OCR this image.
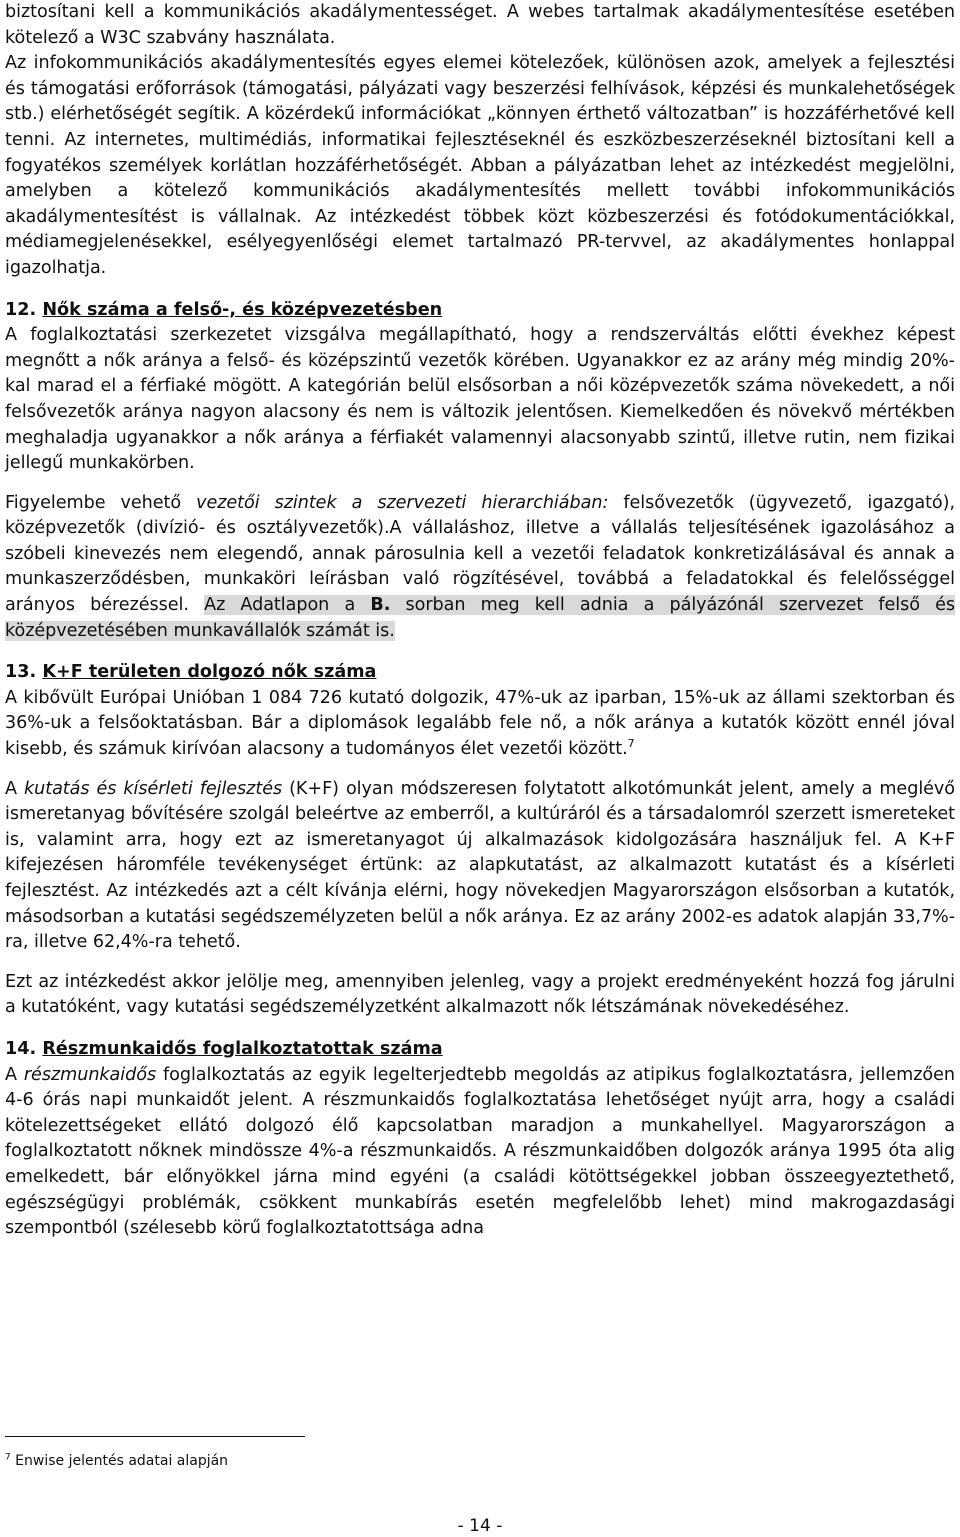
biztosítani kell a kommunikációs akadálymentességet. A webes tartalmak akadálymentesítése esetében kötelező a W3C szabvány használata.

Az infokommunikációs akadálymentesítés egyes elemei kötelezőek, különösen azok, amelyek a fejlesztési és támogatási erőforrások (támogatási, pályázati vagy beszerzési felhívások, képzési és munkalehetőségek stb.) elérhetőségét segítik. A közérdekű információkat „könnyen érthető változatban” is hozzáférhetővé kell tenni. Az internetes, multimédiás, informatikai fejlesztéseknél és eszközbeszerzéseknél biztosítani kell a fogyatékos személyek korlátlan hozzáférhetőségét. Abban a pályázatban lehet az intézkedést megjelölni, amelyben a kötelező kommunikációs akadálymentesítés mellett további infokommunikációs akadálymentesítést is vállalnak. Az intézkedést többek közt közbeszerzési és fotódokumentációkkal, médiamegjelenésekkel, esélyegyenlőségi elemet tartalmazó PR-tervvel, az akadálymentes honlappal igazolhatja.

12. Nők száma a felső-, és középvezetésben

A foglalkoztatási szerkezetet vizsgálva megállapítható, hogy a rendszerváltás előtti évekhez képest megnőtt a nők aránya a felső- és középszintű vezetők körében. Ugyanakkor ez az arány még mindig 20%-kal marad el a férfiaké mögött. A kategórián belül elsősorban a női középvezetők száma növekedett, a női felsővezetők aránya nagyon alacsony és nem is változik jelentősen. Kiemelkedően és növekvő mértékben meghaladja ugyanakkor a nők aránya a férfiakét valamennyi alacsonyabb szintű, illetve rutin, nem fizikai jellegű munkakörben.

Figyelembe vehető vezetői szintek a szervezeti hierarchiában: felsővezetők (ügyvezető, igazgató), középvezetők (divízió- és osztályvezetők).A vállaláshoz, illetve a vállalás teljesítésének igazolásához a szóbeli kinevezés nem elegendő, annak párosulnia kell a vezetői feladatok konkretizálásával és annak a munkaszerződésben, munkaköri leírásban való rögzítésével, továbbá a feladatokkal és felelősséggel arányos bérezéssel. Az Adatlapon a B. sorban meg kell adnia a pályázónál szervezet felső és középvezetésében munkavállalók számát is.

13. K+F területen dolgozó nők száma

A kibővült Európai Unióban 1 084 726 kutató dolgozik, 47%-uk az iparban, 15%-uk az állami szektorban és 36%-uk a felsőoktatásban. Bár a diplomások legalább fele nő, a nők aránya a kutatók között ennél jóval kisebb, és számuk kirívóan alacsony a tudományos élet vezetői között.$^7$

A kutatás és kísérleti fejlesztés (K+F) olyan módszeresen folytatott alkotómunkát jelent, amely a meglévő ismeretanyag bővítésére szolgál beleértve az emberről, a kultúráról és a társadalomról szerzett ismereteket is, valamint arra, hogy ezt az ismeretanyagot új alkalmazások kidolgozására használjuk fel. A K+F kifejezésen háromféle tevékenységet értünk: az alapkutatást, az alkalmazott kutatást és a kísérleti fejlesztést. Az intézkedés azt a célt kívánja elérni, hogy növekedjen Magyarországon elsősorban a kutatók, másodsorban a kutatási segédszemélyzeten belül a nők aránya. Ez az arány 2002-es adatok alapján 33,7%-ra, illetve 62,4%-ra tehető.

Ezt az intézkedést akkor jelölje meg, amennyiben jelenleg, vagy a projekt eredményeként hozzá fog járulni a kutatóként, vagy kutatási segédszemélyzetként alkalmazott nők létszámának növekedéséhez.

14. Részmunkaidős foglalkoztatottak száma

A részmunkaidős foglalkoztatás az egyik legelterjedtebb megoldás az atipikus foglalkoztatásra, jellemzően 4-6 órás napi munkaidőt jelent. A részmunkaidős foglalkoztatása lehetőséget nyújt arra, hogy a családi kötelezettségeket ellátó dolgozó élő kapcsolatban maradjon a munkahellyel. Magyarországon a foglalkoztatott nőknek mindössze 4%-a részmunkaidős. A részmunkaidőben dolgozók aránya 1995 óta alig emelkedett, bár előnyökkel járna mind egyéni (a családi kötöttségekkel jobban összeegyeztethető, egészségügyi problémák, csökkent munkabírás esetén megfelelőbb lehet) mind makrogazdasági szempontból (szélesebb körű foglalkoztatottsága adna

$^7$ Enwise jelentés adatai alapján
- 14 -
